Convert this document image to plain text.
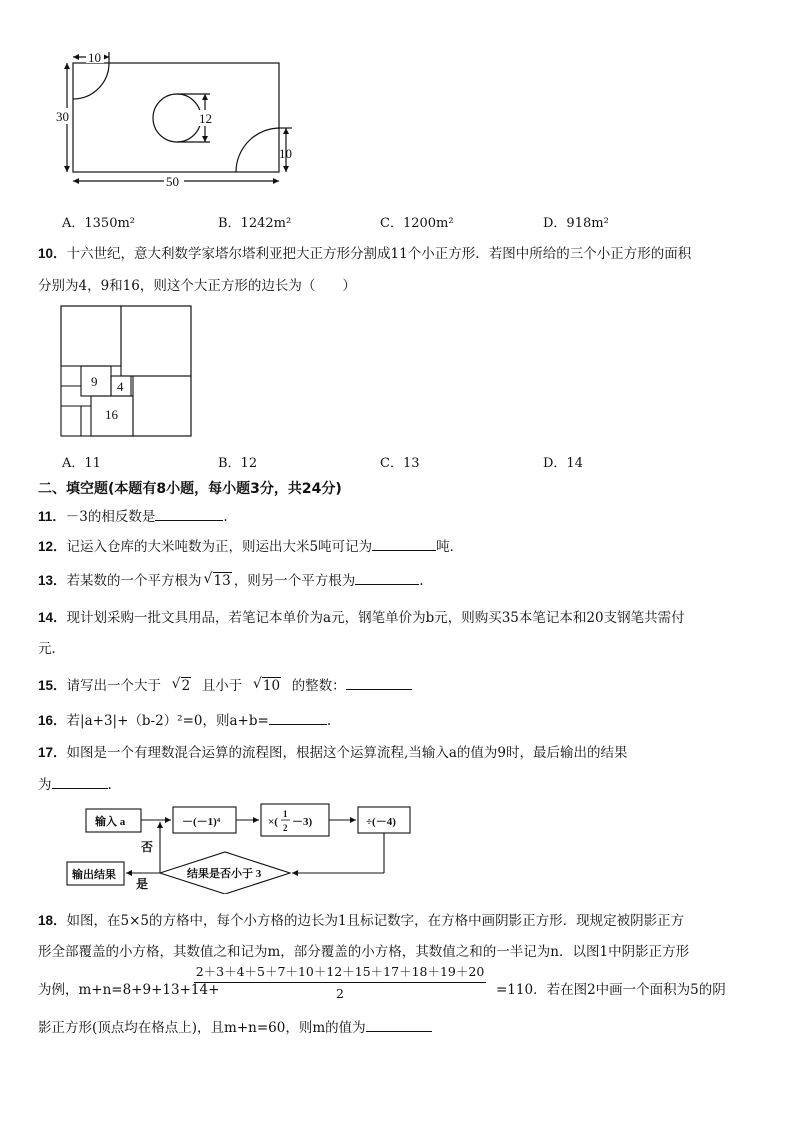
10
30	12
10
50
A．1350m²	B．1242m²	C．1200m²	D．918m²
10．十六世纪，意大利数学家塔尔塔利亚把大正方形分割成11个小正方形．若图中所给的三个小正方形的面积
分别为4，9和16，则这个大正方形的边长为（　　）
9 4
16
A．11	B．12	C．13	D．14
二、填空题(本题有8小题，每小题3分，共24分)
11．－3的相反数是	.
12．记运入仓库的大米吨数为正，则运出大米5吨可记为	吨．
13．若某数的一个平方根为 √ 13 ，则另一个平方根为	.
14．现计划采购一批文具用品，若笔记本单价为a元，钢笔单价为b元，则购买35本笔记本和20支钢笔共需付
元．
15．请写出一个大于 √ 2 且小于 √ 10 的整数：
16．若|a+3|+（b-2）²=0，则a+b=	.
17．如图是一个有理数混合运算的流程图，根据这个运算流程,当输入a的值为9时，最后输出的结果
为	.
输入 a	－(－1)⁴	×(
1
2 －3)	÷(－4)
结果是否小于 3
输出结果
否
是
18．如图，在5×5的方格中，每个小方格的边长为1且标记数字，在方格中画阴影正方形．现规定被阴影正方
形全部覆盖的小方格，其数值之和记为m，部分覆盖的小方格，其数值之和的一半记为n．以图1中阴影正方形
为例，m+n=8+9+13+14+
$\frac{2+3+4+5+7+10+12+15+17+18+19+20}{2} =110$．若在图2中画一个面积为5的阴
影正方形(顶点均在格点上)，且m+n=60，则m的值为
